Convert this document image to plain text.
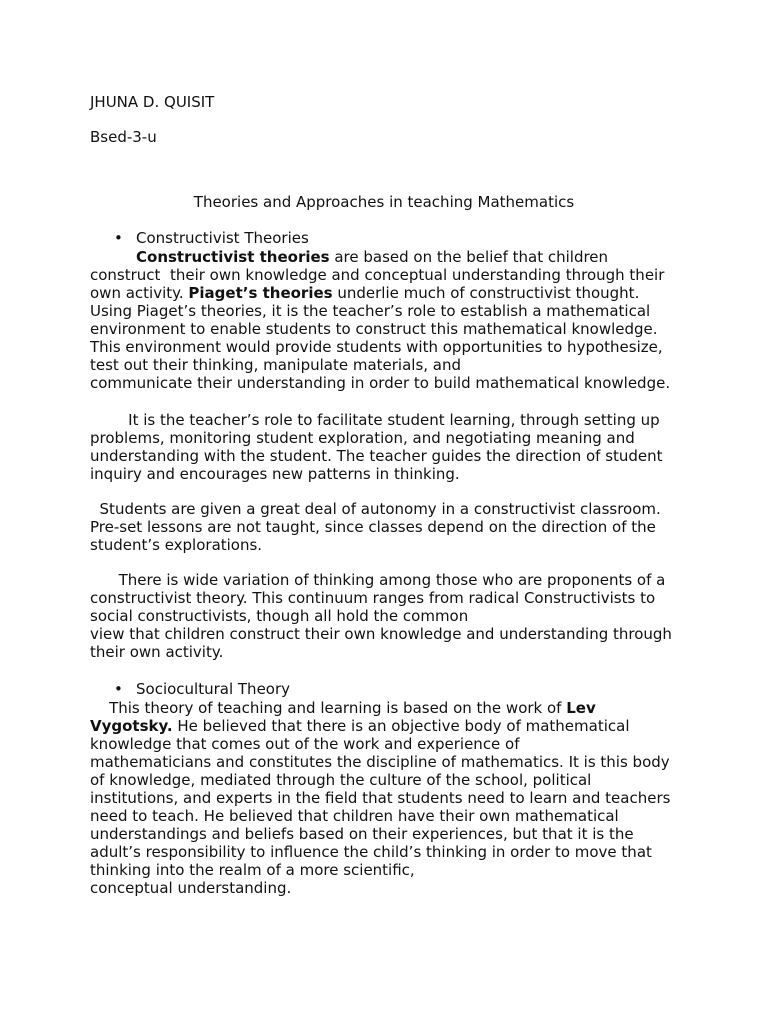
JHUNA D. QUISIT

Bsed-3-u

Theories and Approaches in teaching Mathematics

• Constructivist Theories

Constructivist theories are based on the belief that children

construct  their own knowledge and conceptual understanding through their

own activity. Piaget’s theories underlie much of constructivist thought.

Using Piaget’s theories, it is the teacher’s role to establish a mathematical

environment to enable students to construct this mathematical knowledge.

This environment would provide students with opportunities to hypothesize,

test out their thinking, manipulate materials, and

communicate their understanding in order to build mathematical knowledge.

It is the teacher’s role to facilitate student learning, through setting up

problems, monitoring student exploration, and negotiating meaning and

understanding with the student. The teacher guides the direction of student

inquiry and encourages new patterns in thinking.

Students are given a great deal of autonomy in a constructivist classroom.

Pre-set lessons are not taught, since classes depend on the direction of the

student’s explorations.

There is wide variation of thinking among those who are proponents of a

constructivist theory. This continuum ranges from radical Constructivists to

social constructivists, though all hold the common

view that children construct their own knowledge and understanding through

their own activity.

• Sociocultural Theory

This theory of teaching and learning is based on the work of Lev

Vygotsky. He believed that there is an objective body of mathematical

knowledge that comes out of the work and experience of

mathematicians and constitutes the discipline of mathematics. It is this body

of knowledge, mediated through the culture of the school, political

institutions, and experts in the field that students need to learn and teachers

need to teach. He believed that children have their own mathematical

understandings and beliefs based on their experiences, but that it is the

adult’s responsibility to influence the child’s thinking in order to move that

thinking into the realm of a more scientific,

conceptual understanding.
